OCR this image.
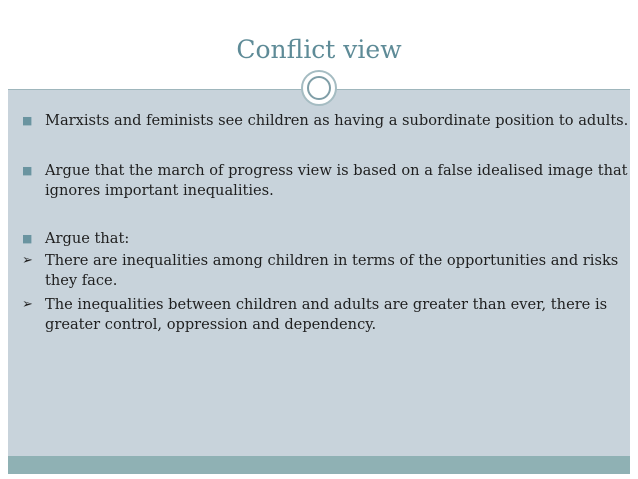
Conflict view
■ Marxists and feminists see children as having a subordinate position to adults.
■ Argue that the march of progress view is based on a false idealised image that
ignores important inequalities.
■ Argue that:
➢ There are inequalities among children in terms of the opportunities and risks
they face.
➢ The inequalities between children and adults are greater than ever, there is
greater control, oppression and dependency.
